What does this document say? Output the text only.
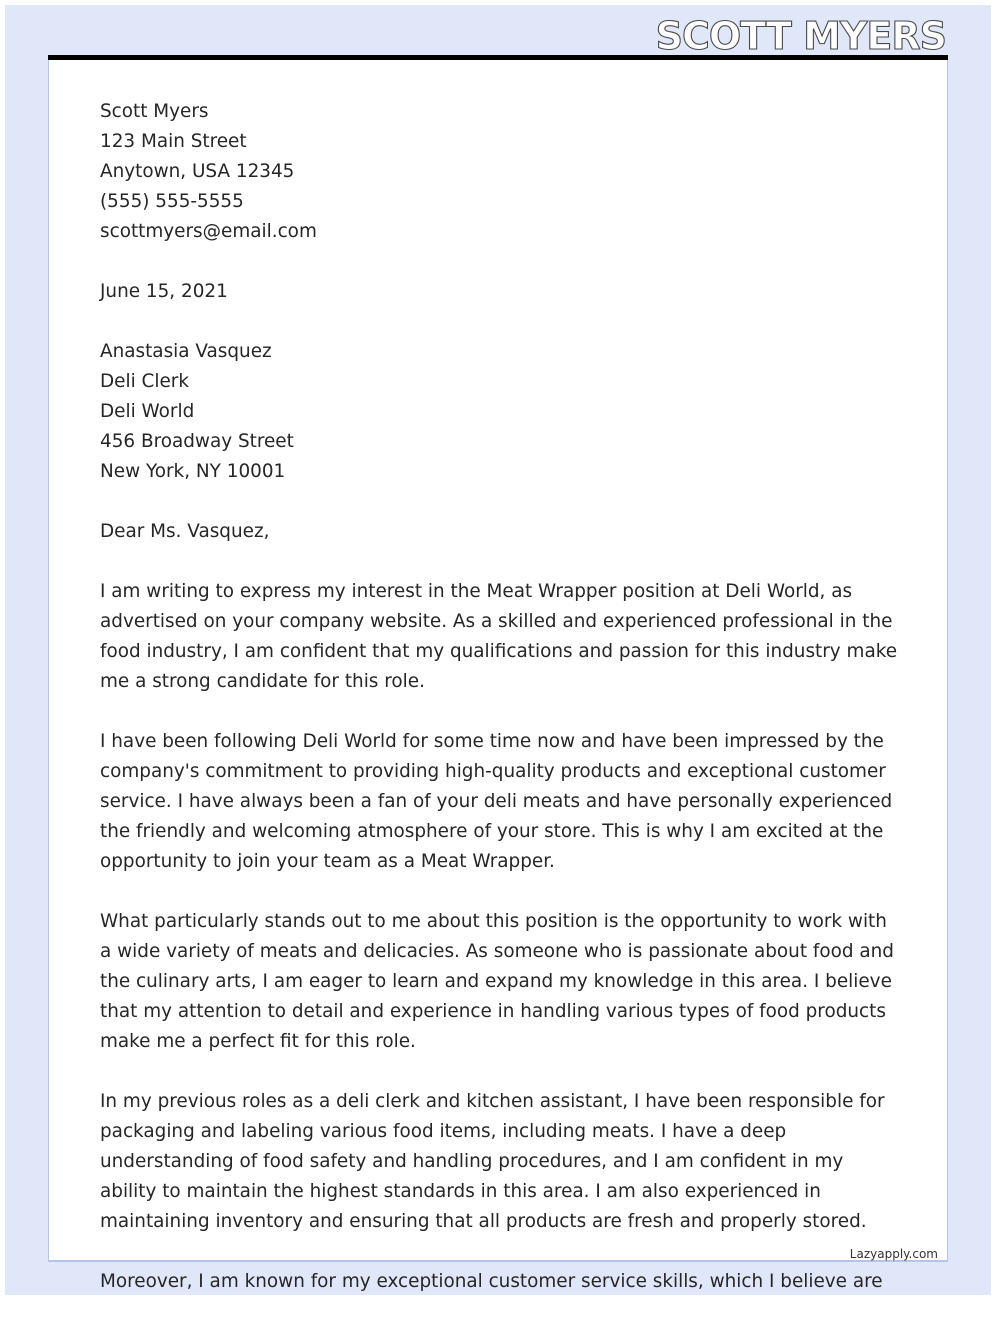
SCOTT MYERS

Scott Myers
123 Main Street
Anytown, USA 12345
(555) 555-5555
scottmyers@email.com

June 15, 2021

Anastasia Vasquez
Deli Clerk
Deli World
456 Broadway Street
New York, NY 10001

Dear Ms. Vasquez,

I am writing to express my interest in the Meat Wrapper position at Deli World, as advertised on your company website. As a skilled and experienced professional in the food industry, I am confident that my qualifications and passion for this industry make me a strong candidate for this role.

I have been following Deli World for some time now and have been impressed by the company's commitment to providing high-quality products and exceptional customer service. I have always been a fan of your deli meats and have personally experienced the friendly and welcoming atmosphere of your store. This is why I am excited at the opportunity to join your team as a Meat Wrapper.

What particularly stands out to me about this position is the opportunity to work with a wide variety of meats and delicacies. As someone who is passionate about food and the culinary arts, I am eager to learn and expand my knowledge in this area. I believe that my attention to detail and experience in handling various types of food products make me a perfect fit for this role.

In my previous roles as a deli clerk and kitchen assistant, I have been responsible for packaging and labeling various food items, including meats. I have a deep understanding of food safety and handling procedures, and I am confident in my ability to maintain the highest standards in this area. I am also experienced in maintaining inventory and ensuring that all products are fresh and properly stored.

Moreover, I am known for my exceptional customer service skills, which I believe are

Lazyapply.com
